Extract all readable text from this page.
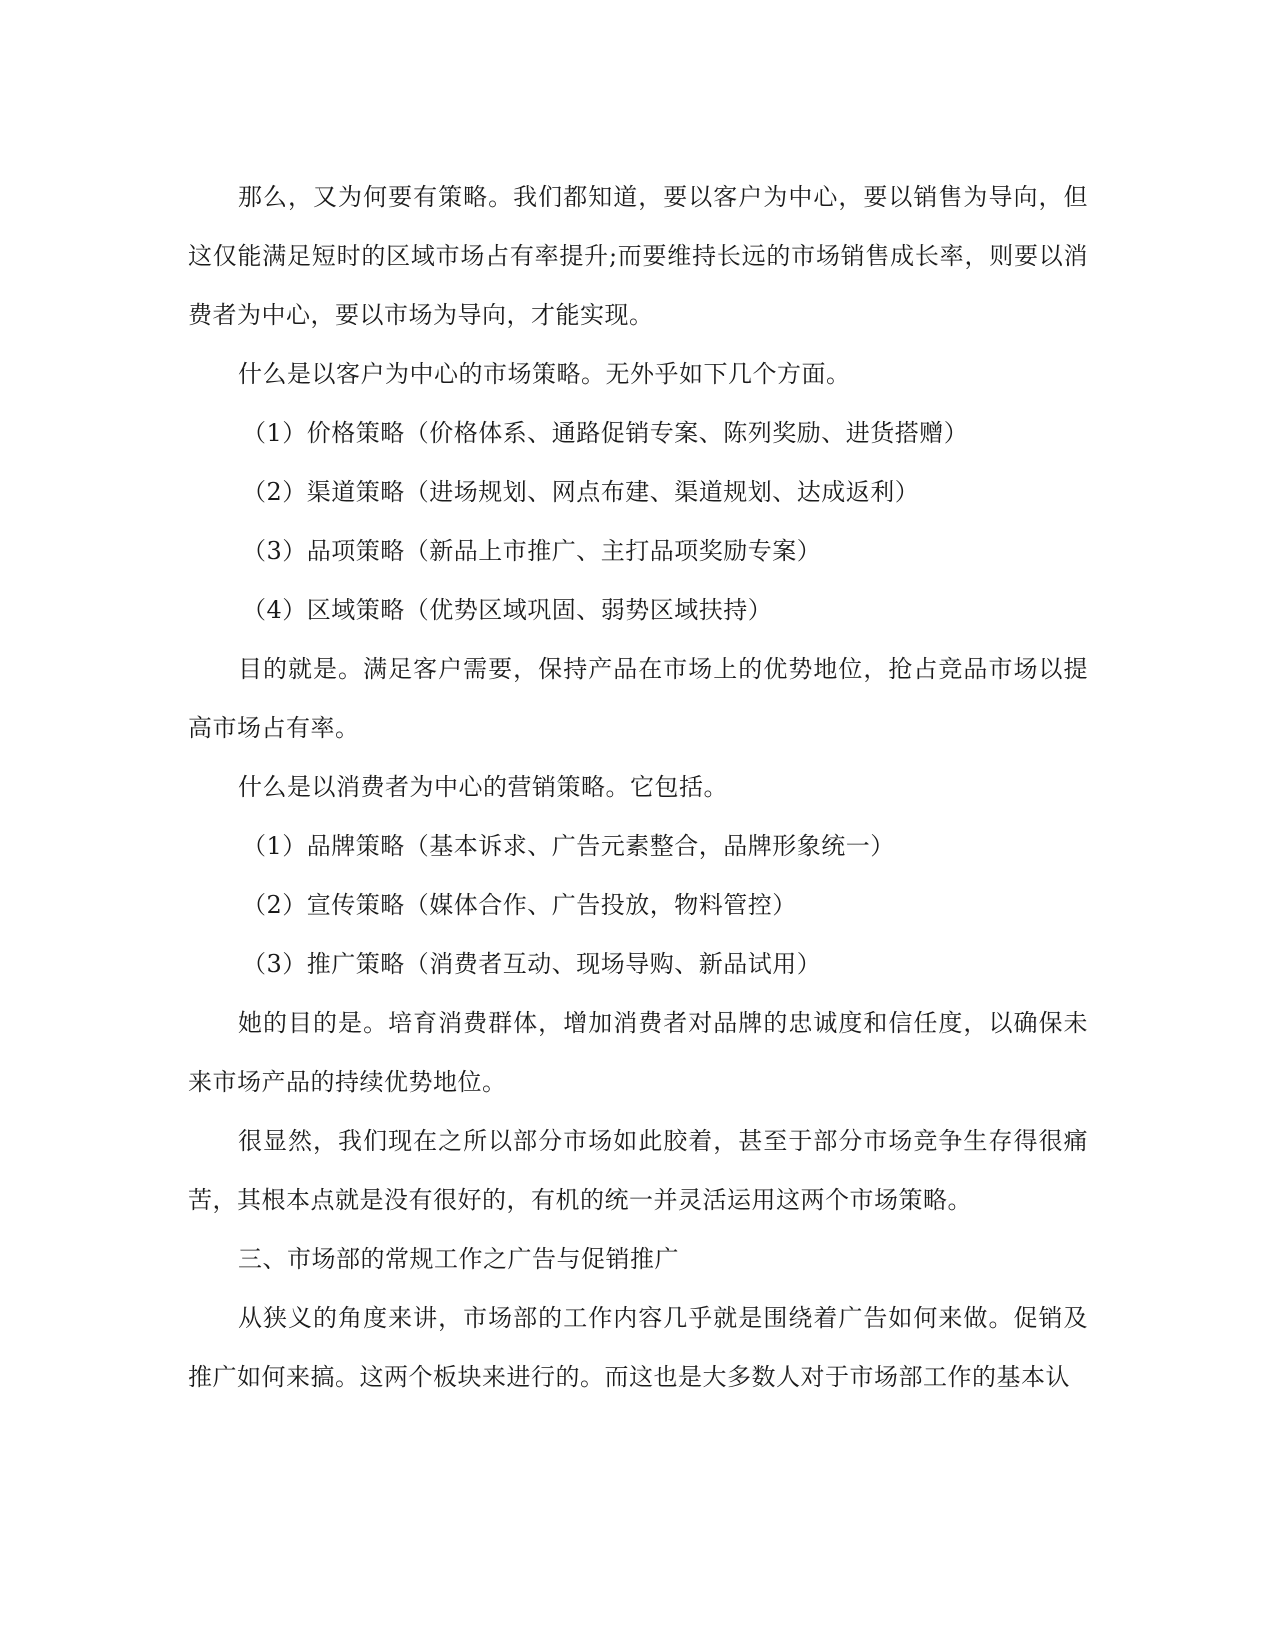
那么，又为何要有策略。我们都知道，要以客户为中心，要以销售为导向，但这仅能满足短时的区域市场占有率提升;而要维持长远的市场销售成长率，则要以消费者为中心，要以市场为导向，才能实现。

什么是以客户为中心的市场策略。无外乎如下几个方面。

（1）价格策略（价格体系、通路促销专案、陈列奖励、进货搭赠）

（2）渠道策略（进场规划、网点布建、渠道规划、达成返利）

（3）品项策略（新品上市推广、主打品项奖励专案）

（4）区域策略（优势区域巩固、弱势区域扶持）

目的就是。满足客户需要，保持产品在市场上的优势地位，抢占竞品市场以提高市场占有率。

什么是以消费者为中心的营销策略。它包括。

（1）品牌策略（基本诉求、广告元素整合，品牌形象统一）

（2）宣传策略（媒体合作、广告投放，物料管控）

（3）推广策略（消费者互动、现场导购、新品试用）

她的目的是。培育消费群体，增加消费者对品牌的忠诚度和信任度，以确保未来市场产品的持续优势地位。

很显然，我们现在之所以部分市场如此胶着，甚至于部分市场竞争生存得很痛苦，其根本点就是没有很好的，有机的统一并灵活运用这两个市场策略。

三、市场部的常规工作之广告与促销推广

从狭义的角度来讲，市场部的工作内容几乎就是围绕着广告如何来做。促销及推广如何来搞。这两个板块来进行的。而这也是大多数人对于市场部工作的基本认
